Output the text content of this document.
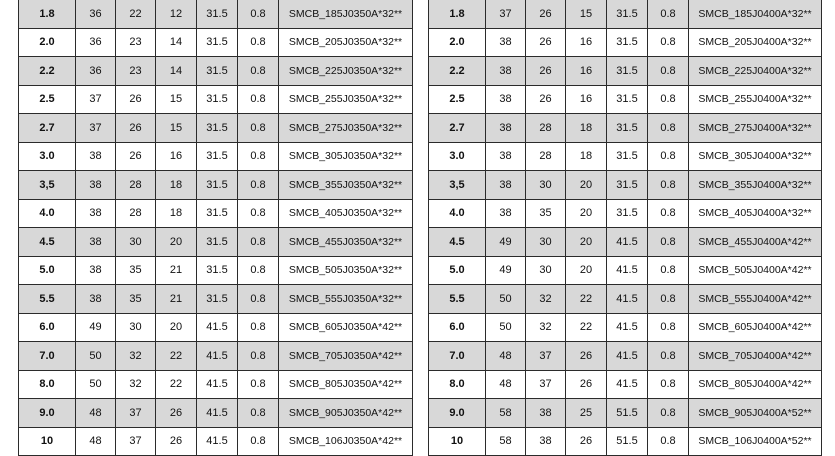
1.8	36	22	12	31.5	0.8	SMCB_185J0350A*32**
2.0	36	23	14	31.5	0.8	SMCB_205J0350A*32**
2.2	36	23	14	31.5	0.8	SMCB_225J0350A*32**
2.5	37	26	15	31.5	0.8	SMCB_255J0350A*32**
2.7	37	26	15	31.5	0.8	SMCB_275J0350A*32**
3.0	38	26	16	31.5	0.8	SMCB_305J0350A*32**
3,5	38	28	18	31.5	0.8	SMCB_355J0350A*32**
4.0	38	28	18	31.5	0.8	SMCB_405J0350A*32**
4.5	38	30	20	31.5	0.8	SMCB_455J0350A*32**
5.0	38	35	21	31.5	0.8	SMCB_505J0350A*32**
5.5	38	35	21	31.5	0.8	SMCB_555J0350A*32**
6.0	49	30	20	41.5	0.8	SMCB_605J0350A*42**
7.0	50	32	22	41.5	0.8	SMCB_705J0350A*42**
8.0	50	32	22	41.5	0.8	SMCB_805J0350A*42**
9.0	48	37	26	41.5	0.8	SMCB_905J0350A*42**
10	48	37	26	41.5	0.8	SMCB_106J0350A*42**
1.8	37	26	15	31.5	0.8	SMCB_185J0400A*32**
2.0	38	26	16	31.5	0.8	SMCB_205J0400A*32**
2.2	38	26	16	31.5	0.8	SMCB_225J0400A*32**
2.5	38	26	16	31.5	0.8	SMCB_255J0400A*32**
2.7	38	28	18	31.5	0.8	SMCB_275J0400A*32**
3.0	38	28	18	31.5	0.8	SMCB_305J0400A*32**
3,5	38	30	20	31.5	0.8	SMCB_355J0400A*32**
4.0	38	35	20	31.5	0.8	SMCB_405J0400A*32**
4.5	49	30	20	41.5	0.8	SMCB_455J0400A*42**
5.0	49	30	20	41.5	0.8	SMCB_505J0400A*42**
5.5	50	32	22	41.5	0.8	SMCB_555J0400A*42**
6.0	50	32	22	41.5	0.8	SMCB_605J0400A*42**
7.0	48	37	26	41.5	0.8	SMCB_705J0400A*42**
8.0	48	37	26	41.5	0.8	SMCB_805J0400A*42**
9.0	58	38	25	51.5	0.8	SMCB_905J0400A*52**
10	58	38	26	51.5	0.8	SMCB_106J0400A*52**
